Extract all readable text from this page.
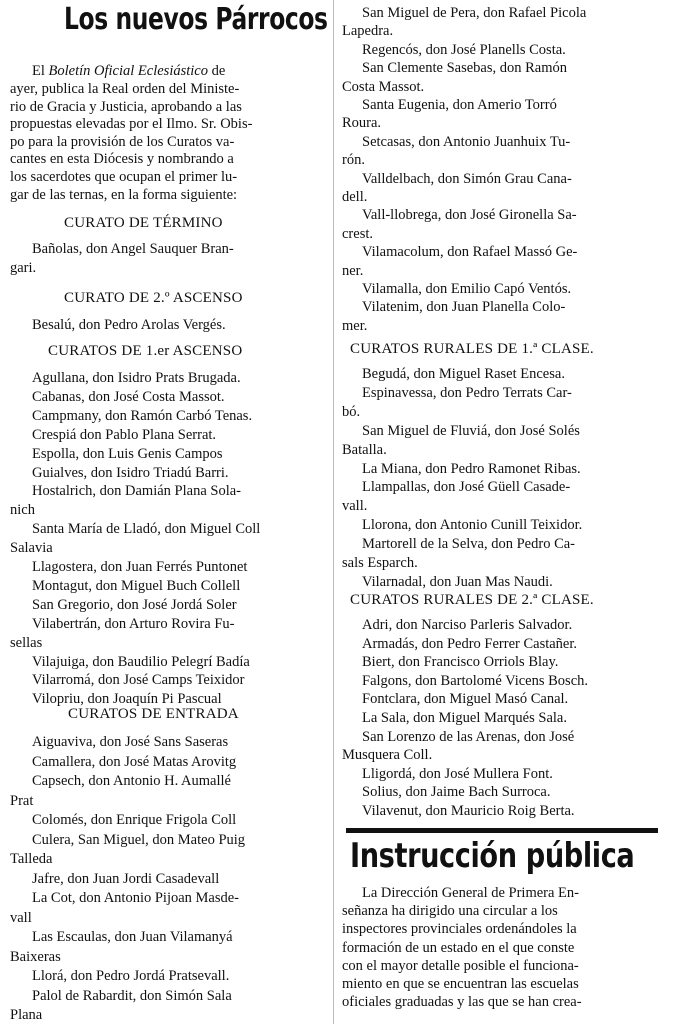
Los nuevos Párrocos
El Boletín Oficial Eclesiástico de
ayer, publica la Real orden del Ministe-
rio de Gracia y Justicia, aprobando a las
propuestas elevadas por el Ilmo. Sr. Obis-
po para la provisión de los Curatos va-
cantes en esta Diócesis y nombrando a
los sacerdotes que ocupan el primer lu-
gar de las ternas, en la forma siguiente:
CURATO DE TÉRMINO
Bañolas, don Angel Sauquer Bran-
gari.
CURATO DE 2.º ASCENSO
Besalú, don Pedro Arolas Vergés.
CURATOS DE 1.er ASCENSO
Agullana, don Isidro Prats Brugada.
Cabanas, don José Costa Massot.
Campmany, don Ramón Carbó Tenas.
Crespiá don Pablo Plana Serrat.
Espolla, don Luis Genis Campos
Guialves, don Isidro Triadú Barri.
Hostalrich, don Damián Plana Sola-
nich
Santa María de Lladó, don Miguel Coll
Salavia
Llagostera, don Juan Ferrés Puntonet
Montagut, don Miguel Buch Collell
San Gregorio, don José Jordá Soler
Vilabertrán, don Arturo Rovira Fu-
sellas
Vilajuiga, don Baudilio Pelegrí Badía
Vilarromá, don José Camps Teixidor
Vilopriu, don Joaquín Pi Pascual
CURATOS DE ENTRADA
Aiguaviva, don José Sans Saseras
Camallera, don José Matas Arovitg
Capsech, don Antonio H. Aumallé
Prat
Colomés, don Enrique Frigola Coll
Culera, San Miguel, don Mateo Puig
Talleda
Jafre, don Juan Jordi Casadevall
La Cot, don Antonio Pijoan Masde-
vall
Las Escaulas, don Juan Vilamanyá
Baixeras
Llorá, don Pedro Jordá Pratsevall.
Palol de Rabardit, don Simón Sala
Plana
San Miguel de Pera, don Rafael Picola
Lapedra.
Regencós, don José Planells Costa.
San Clemente Sasebas, don Ramón
Costa Massot.
Santa Eugenia, don Amerio Torró
Roura.
Setcasas, don Antonio Juanhuix Tu-
rón.
Valldelbach, don Simón Grau Cana-
dell.
Vall-llobrega, don José Gironella Sa-
crest.
Vilamacolum, don Rafael Massó Ge-
ner.
Vilamalla, don Emilio Capó Ventós.
Vilatenim, don Juan Planella Colo-
mer.
CURATOS RURALES DE 1.ª CLASE.
Begudá, don Miguel Raset Encesa.
Espinavessa, don Pedro Terrats Car-
bó.
San Miguel de Fluviá, don José Solés
Batalla.
La Miana, don Pedro Ramonet Ribas.
Llampallas, don José Güell Casade-
vall.
Llorona, don Antonio Cunill Teixidor.
Martorell de la Selva, don Pedro Ca-
sals Esparch.
Vilarnadal, don Juan Mas Naudi.
CURATOS RURALES DE 2.ª CLASE.
Adri, don Narciso Parleris Salvador.
Armadás, don Pedro Ferrer Castañer.
Biert, don Francisco Orriols Blay.
Falgons, don Bartolomé Vicens Bosch.
Fontclara, don Miguel Masó Canal.
La Sala, don Miguel Marqués Sala.
San Lorenzo de las Arenas, don José
Musquera Coll.
Lligordá, don José Mullera Font.
Solius, don Jaime Bach Surroca.
Vilavenut, don Mauricio Roig Berta.
Instrucción pública
La Dirección General de Primera En-
señanza ha dirigido una circular a los
inspectores provinciales ordenándoles la
formación de un estado en el que conste
con el mayor detalle posible el funciona-
miento en que se encuentran las escuelas
oficiales graduadas y las que se han crea-
